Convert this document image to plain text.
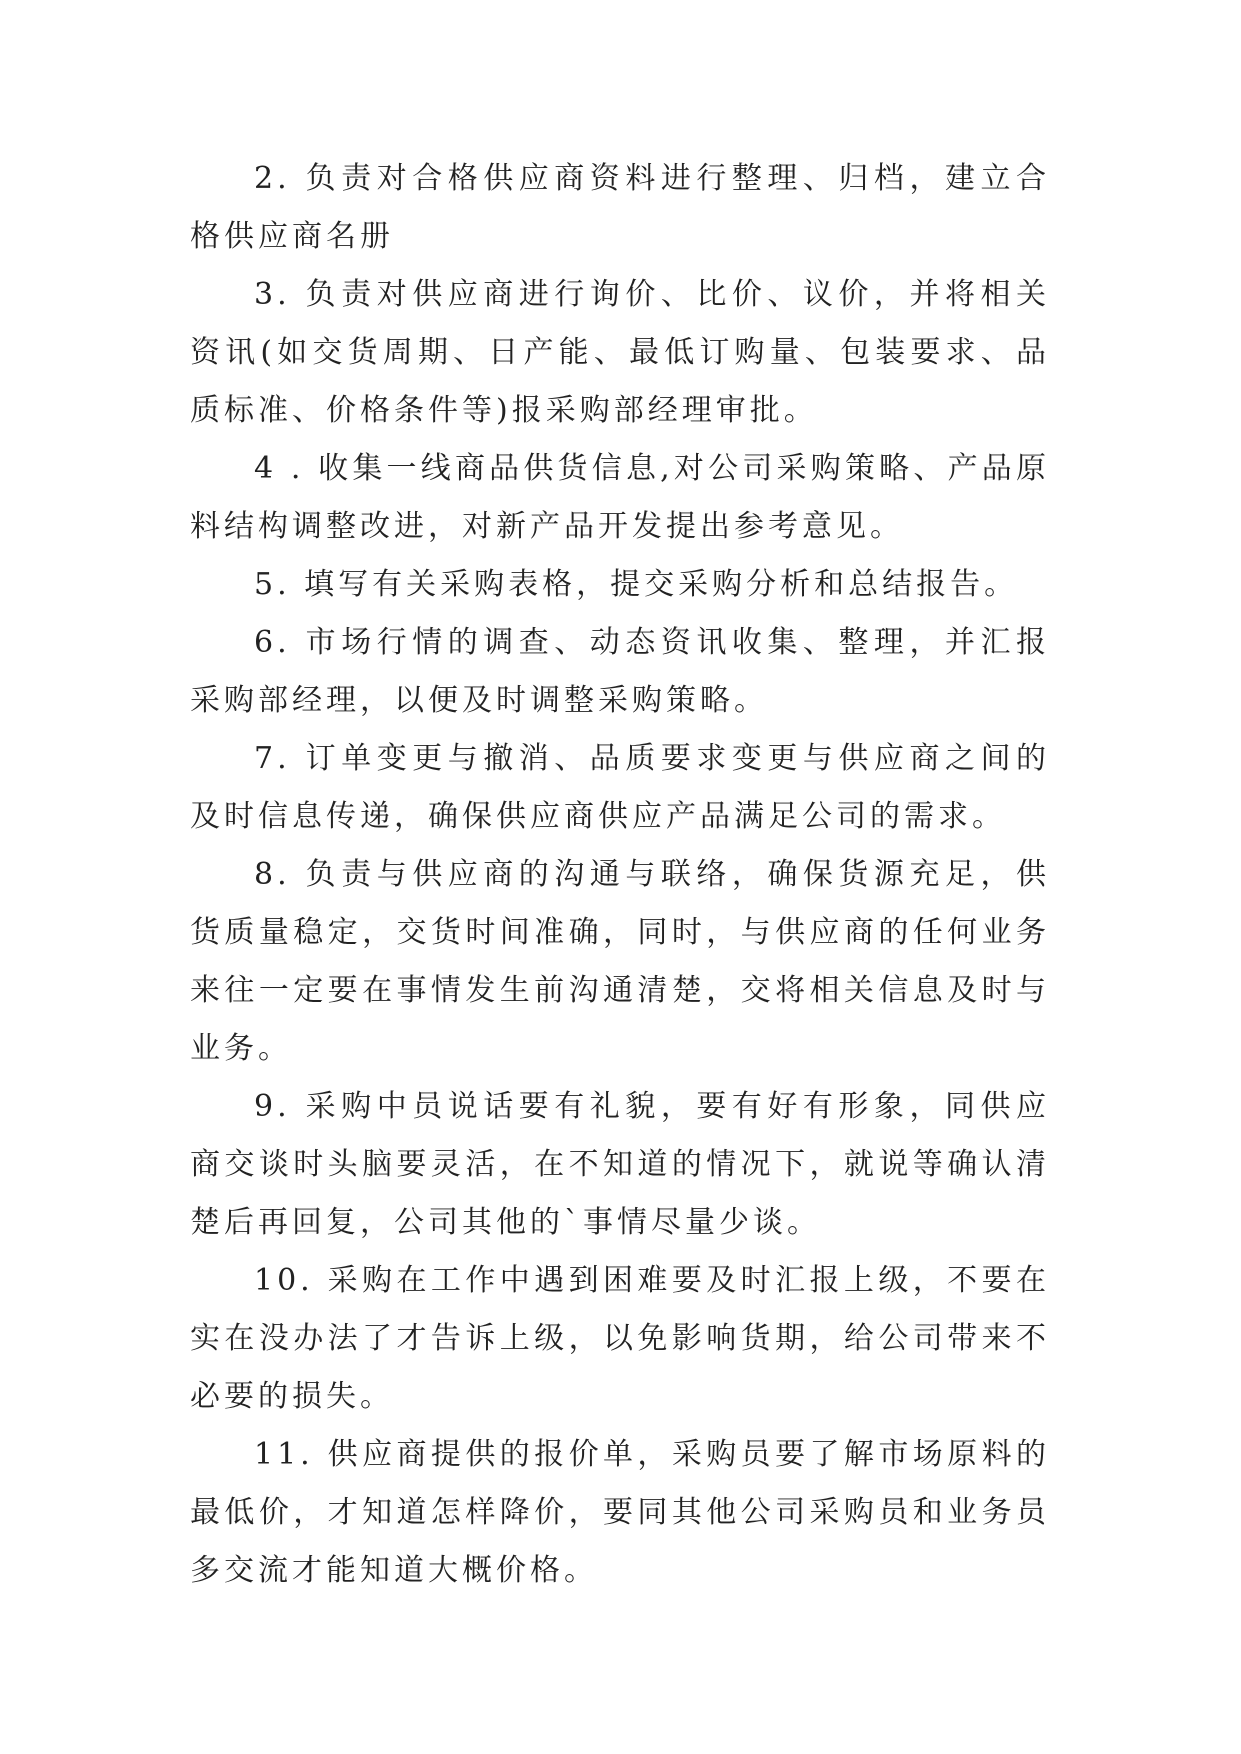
2. 负责对合格供应商资料进行整理、归档，建立合格供应商名册

3. 负责对供应商进行询价、比价、议价，并将相关资讯(如交货周期、日产能、最低订购量、包装要求、品质标准、价格条件等)报采购部经理审批。

4 . 收集一线商品供货信息,对公司采购策略、产品原料结构调整改进，对新产品开发提出参考意见。

5. 填写有关采购表格，提交采购分析和总结报告。

6. 市场行情的调查、动态资讯收集、整理，并汇报采购部经理，以便及时调整采购策略。

7. 订单变更与撤消、品质要求变更与供应商之间的及时信息传递，确保供应商供应产品满足公司的需求。

8. 负责与供应商的沟通与联络，确保货源充足，供货质量稳定，交货时间准确，同时，与供应商的任何业务来往一定要在事情发生前沟通清楚，交将相关信息及时与业务。

9. 采购中员说话要有礼貌，要有好有形象，同供应商交谈时头脑要灵活，在不知道的情况下，就说等确认清楚后再回复，公司其他的`事情尽量少谈。

10. 采购在工作中遇到困难要及时汇报上级，不要在实在没办法了才告诉上级，以免影响货期，给公司带来不必要的损失。

11. 供应商提供的报价单，采购员要了解市场原料的最低价，才知道怎样降价，要同其他公司采购员和业务员多交流才能知道大概价格。
